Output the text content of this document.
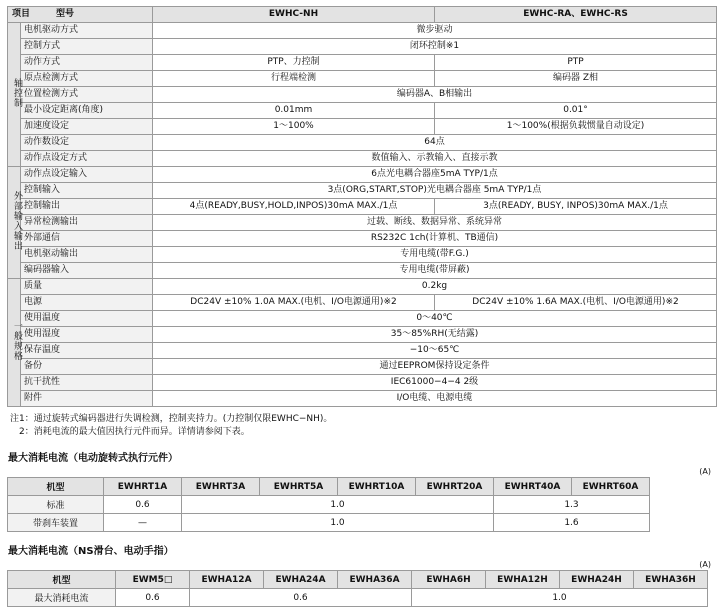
项目 型号		EWHC-NH	EWHC-RA、EWHC-RS
轴控制	电机驱动方式	微步驱动	
	控制方式	闭环控制※1	
	动作方式	PTP、力控制	PTP
	原点检测方式	行程端检测	编码器 Z相
	位置检测方式	编码器A、B相输出	
	最小设定距离(角度)	0.01mm	0.01°
	加速度设定	1～100%	1～100%(根据负载惯量自动设定)
	动作数设定	64点	
	动作点设定方式	数值输入、示教输入、直接示教	
外部输入输出	动作点设定输入	6点光电耦合器座5mA TYP/1点	
	控制输入	3点(ORG,START,STOP)光电耦合器座 5mA TYP/1点	
	控制输出	4点(READY,BUSY,HOLD,INPOS)30mA MAX./1点	3点(READY, BUSY, INPOS)30mA MAX./1点
	异常检测输出	过载、断线、数据异常、系统异常	
	外部通信	RS232C 1ch(计算机、TB通信)	
	电机驱动输出	专用电缆(带F.G.)	
	编码器输入	专用电缆(带屏蔽)	
一般规格	质量	0.2kg	
	电源	DC24V ±10% 1.0A MAX.(电机、I/O电源通用)※2	DC24V ±10% 1.6A MAX.(电机、I/O电源通用)※2
	使用温度	0～40℃	
	使用湿度	35～85%RH(无结露)	
	保存温度	−10～65℃	
	备份	通过EEPROM保持设定条件	
	抗干扰性	IEC61000−4−4 2级	
	附件	I/O电缆、电源电缆	
注1：通过旋转式编码器进行失调检测，控制夹持力。(力控制仅限EWHC−NH)。
　2：消耗电流的最大值因执行元件而异。详情请参阅下表。
最大消耗电流（电动旋转式执行元件）
(A)
机型	EWHRT1A	EWHRT3A	EWHRT5A	EWHRT10A	EWHRT20A	EWHRT40A	EWHRT60A
标准	0.6	1.0				1.3	
带刹车装置	—	1.0				1.6	
最大消耗电流（NS滑台、电动手指）
(A)
机型	EWM5□	EWHA12A	EWHA24A	EWHA36A	EWHA6H	EWHA12H	EWHA24H	EWHA36H
最大消耗电流	0.6	0.6			1.0			
